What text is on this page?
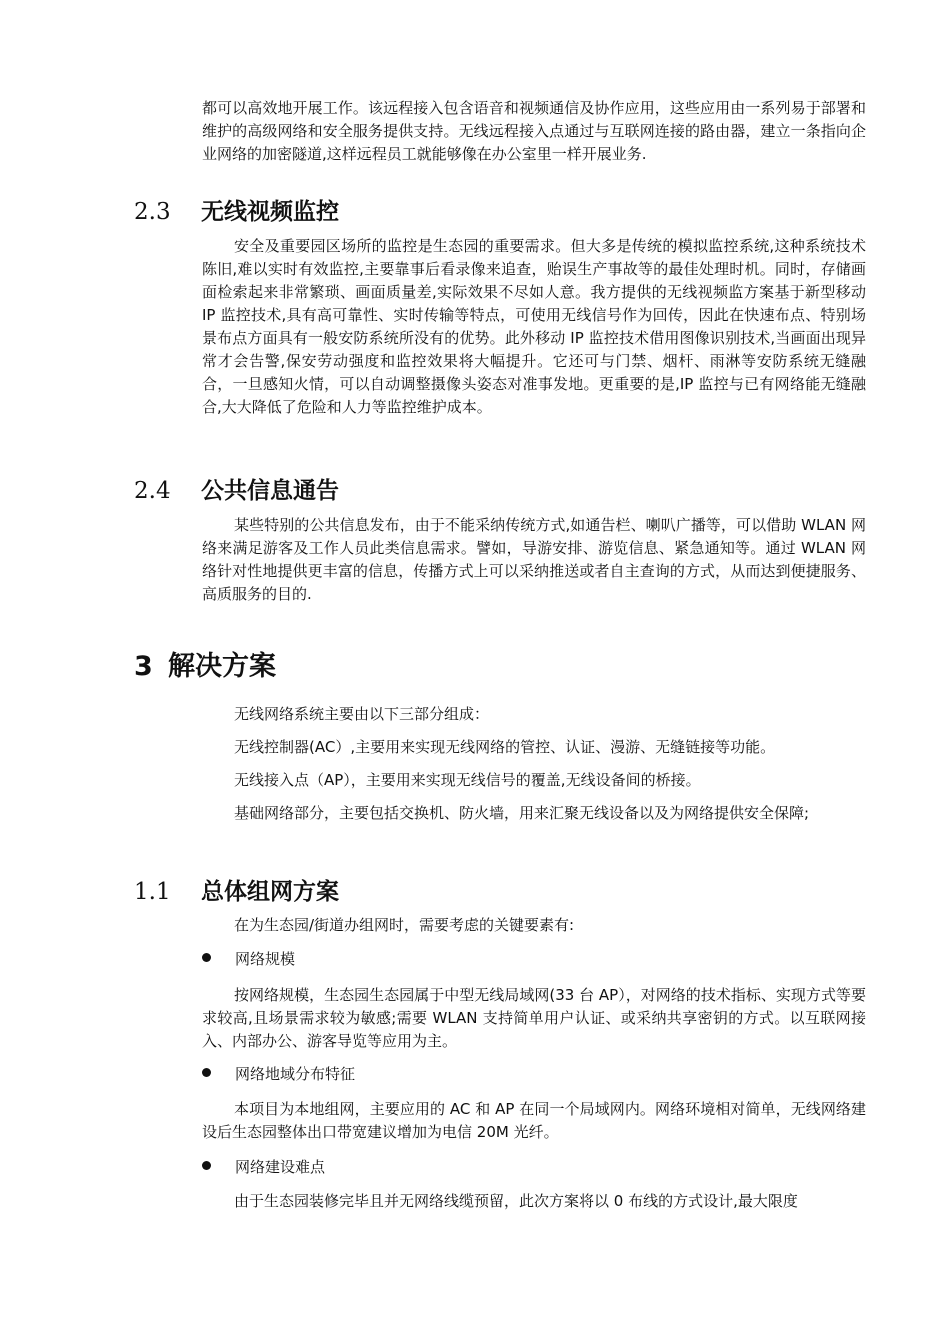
都可以高效地开展工作。该远程接入包含语音和视频通信及协作应用，这些应用由一系列易于部署和维护的高级网络和安全服务提供支持。无线远程接入点通过与互联网连接的路由器，建立一条指向企业网络的加密隧道,这样远程员工就能够像在办公室里一样开展业务.

2.3 无线视频监控

安全及重要园区场所的监控是生态园的重要需求。但大多是传统的模拟监控系统,这种系统技术陈旧,难以实时有效监控,主要靠事后看录像来追查，贻误生产事故等的最佳处理时机。同时，存储画面检索起来非常繁琐、画面质量差,实际效果不尽如人意。我方提供的无线视频监方案基于新型移动 IP 监控技术,具有高可靠性、实时传输等特点，可使用无线信号作为回传，因此在快速布点、特别场景布点方面具有一般安防系统所没有的优势。此外移动 IP 监控技术借用图像识别技术,当画面出现异常才会告警,保安劳动强度和监控效果将大幅提升。它还可与门禁、烟杆、雨淋等安防系统无缝融合，一旦感知火情，可以自动调整摄像头姿态对准事发地。更重要的是,IP 监控与已有网络能无缝融合,大大降低了危险和人力等监控维护成本。

2.4 公共信息通告

某些特别的公共信息发布，由于不能采纳传统方式,如通告栏、喇叭广播等，可以借助 WLAN 网络来满足游客及工作人员此类信息需求。譬如，导游安排、游览信息、紧急通知等。通过 WLAN 网络针对性地提供更丰富的信息，传播方式上可以采纳推送或者自主查询的方式，从而达到便捷服务、高质服务的目的.

3 解决方案

无线网络系统主要由以下三部分组成：

无线控制器(AC）,主要用来实现无线网络的管控、认证、漫游、无缝链接等功能。

无线接入点（AP），主要用来实现无线信号的覆盖,无线设备间的桥接。

基础网络部分，主要包括交换机、防火墙，用来汇聚无线设备以及为网络提供安全保障;

1.1 总体组网方案

在为生态园/街道办组网时，需要考虑的关键要素有:

网络规模

按网络规模，生态园生态园属于中型无线局域网(33 台 AP），对网络的技术指标、实现方式等要求较高,且场景需求较为敏感;需要 WLAN 支持简单用户认证、或采纳共享密钥的方式。以互联网接入、内部办公、游客导览等应用为主。

网络地域分布特征

本项目为本地组网，主要应用的 AC 和 AP 在同一个局域网内。网络环境相对简单，无线网络建设后生态园整体出口带宽建议增加为电信 20M 光纤。

网络建设难点

由于生态园装修完毕且并无网络线缆预留，此次方案将以 0 布线的方式设计,最大限度
